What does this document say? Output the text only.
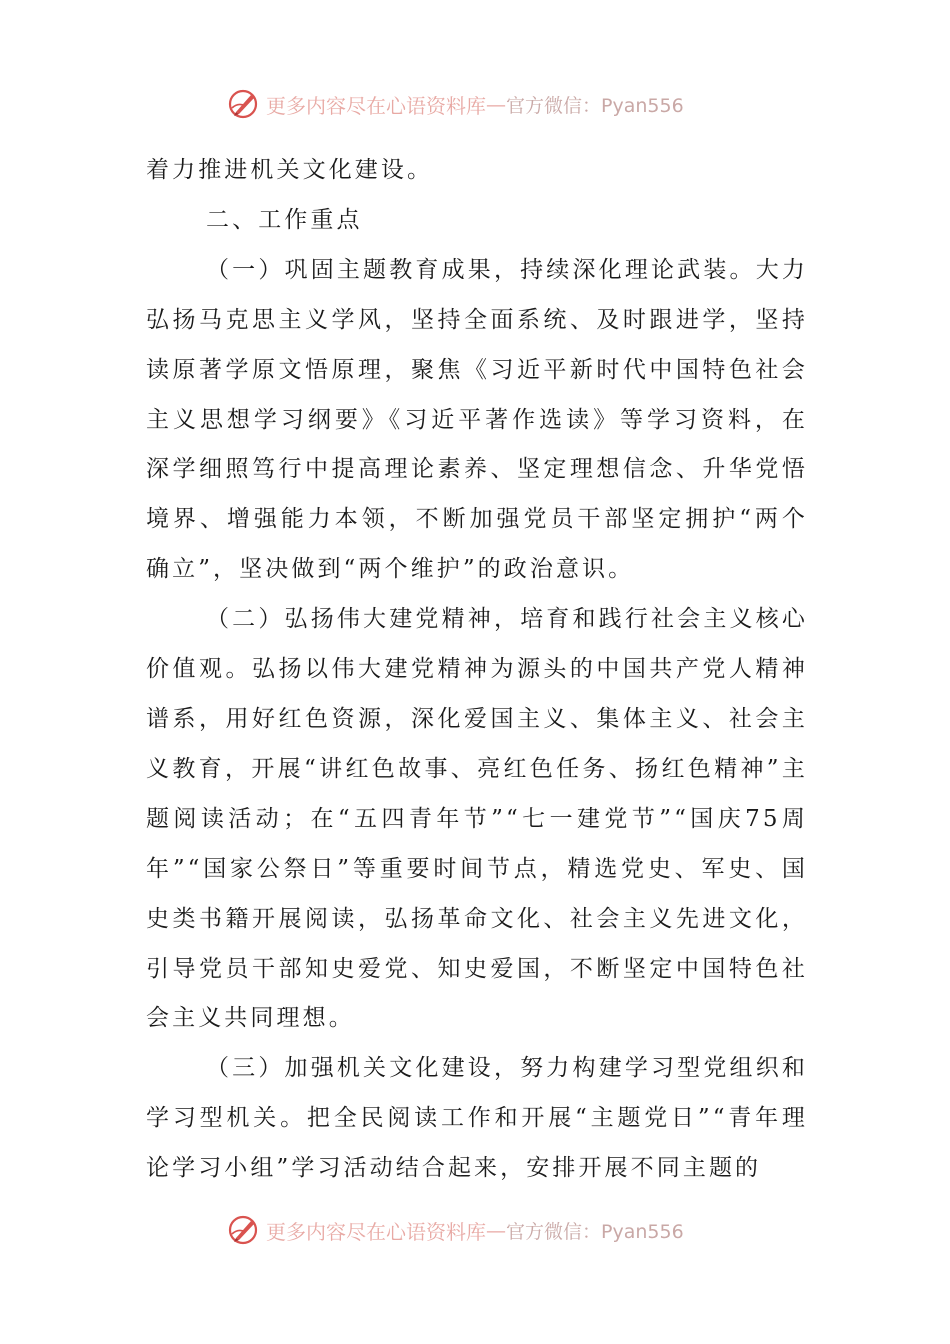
更多内容尽在心语资料库 — 官方微信：Pyan556

着力推进机关文化建设。

二、工作重点

（一）巩固主题教育成果，持续深化理论武装。大力弘扬马克思主义学风，坚持全面系统、及时跟进学，坚持读原著学原文悟原理，聚焦《习近平新时代中国特色社会主义思想学习纲要》《习近平著作选读》等学习资料，在深学细照笃行中提高理论素养、坚定理想信念、升华党悟境界、增强能力本领，不断加强党员干部坚定拥护“两个确立”，坚决做到“两个维护”的政治意识。

（二）弘扬伟大建党精神，培育和践行社会主义核心价值观。弘扬以伟大建党精神为源头的中国共产党人精神谱系，用好红色资源，深化爱国主义、集体主义、社会主义教育，开展“讲红色故事、亮红色任务、扬红色精神”主题阅读活动；在“五四青年节”“七一建党节”“国庆75周年”“国家公祭日”等重要时间节点，精选党史、军史、国史类书籍开展阅读，弘扬革命文化、社会主义先进文化，引导党员干部知史爱党、知史爱国，不断坚定中国特色社会主义共同理想。

（三）加强机关文化建设，努力构建学习型党组织和学习型机关。把全民阅读工作和开展“主题党日”“青年理论学习小组”学习活动结合起来，安排开展不同主题的

更多内容尽在心语资料库 — 官方微信：Pyan556
